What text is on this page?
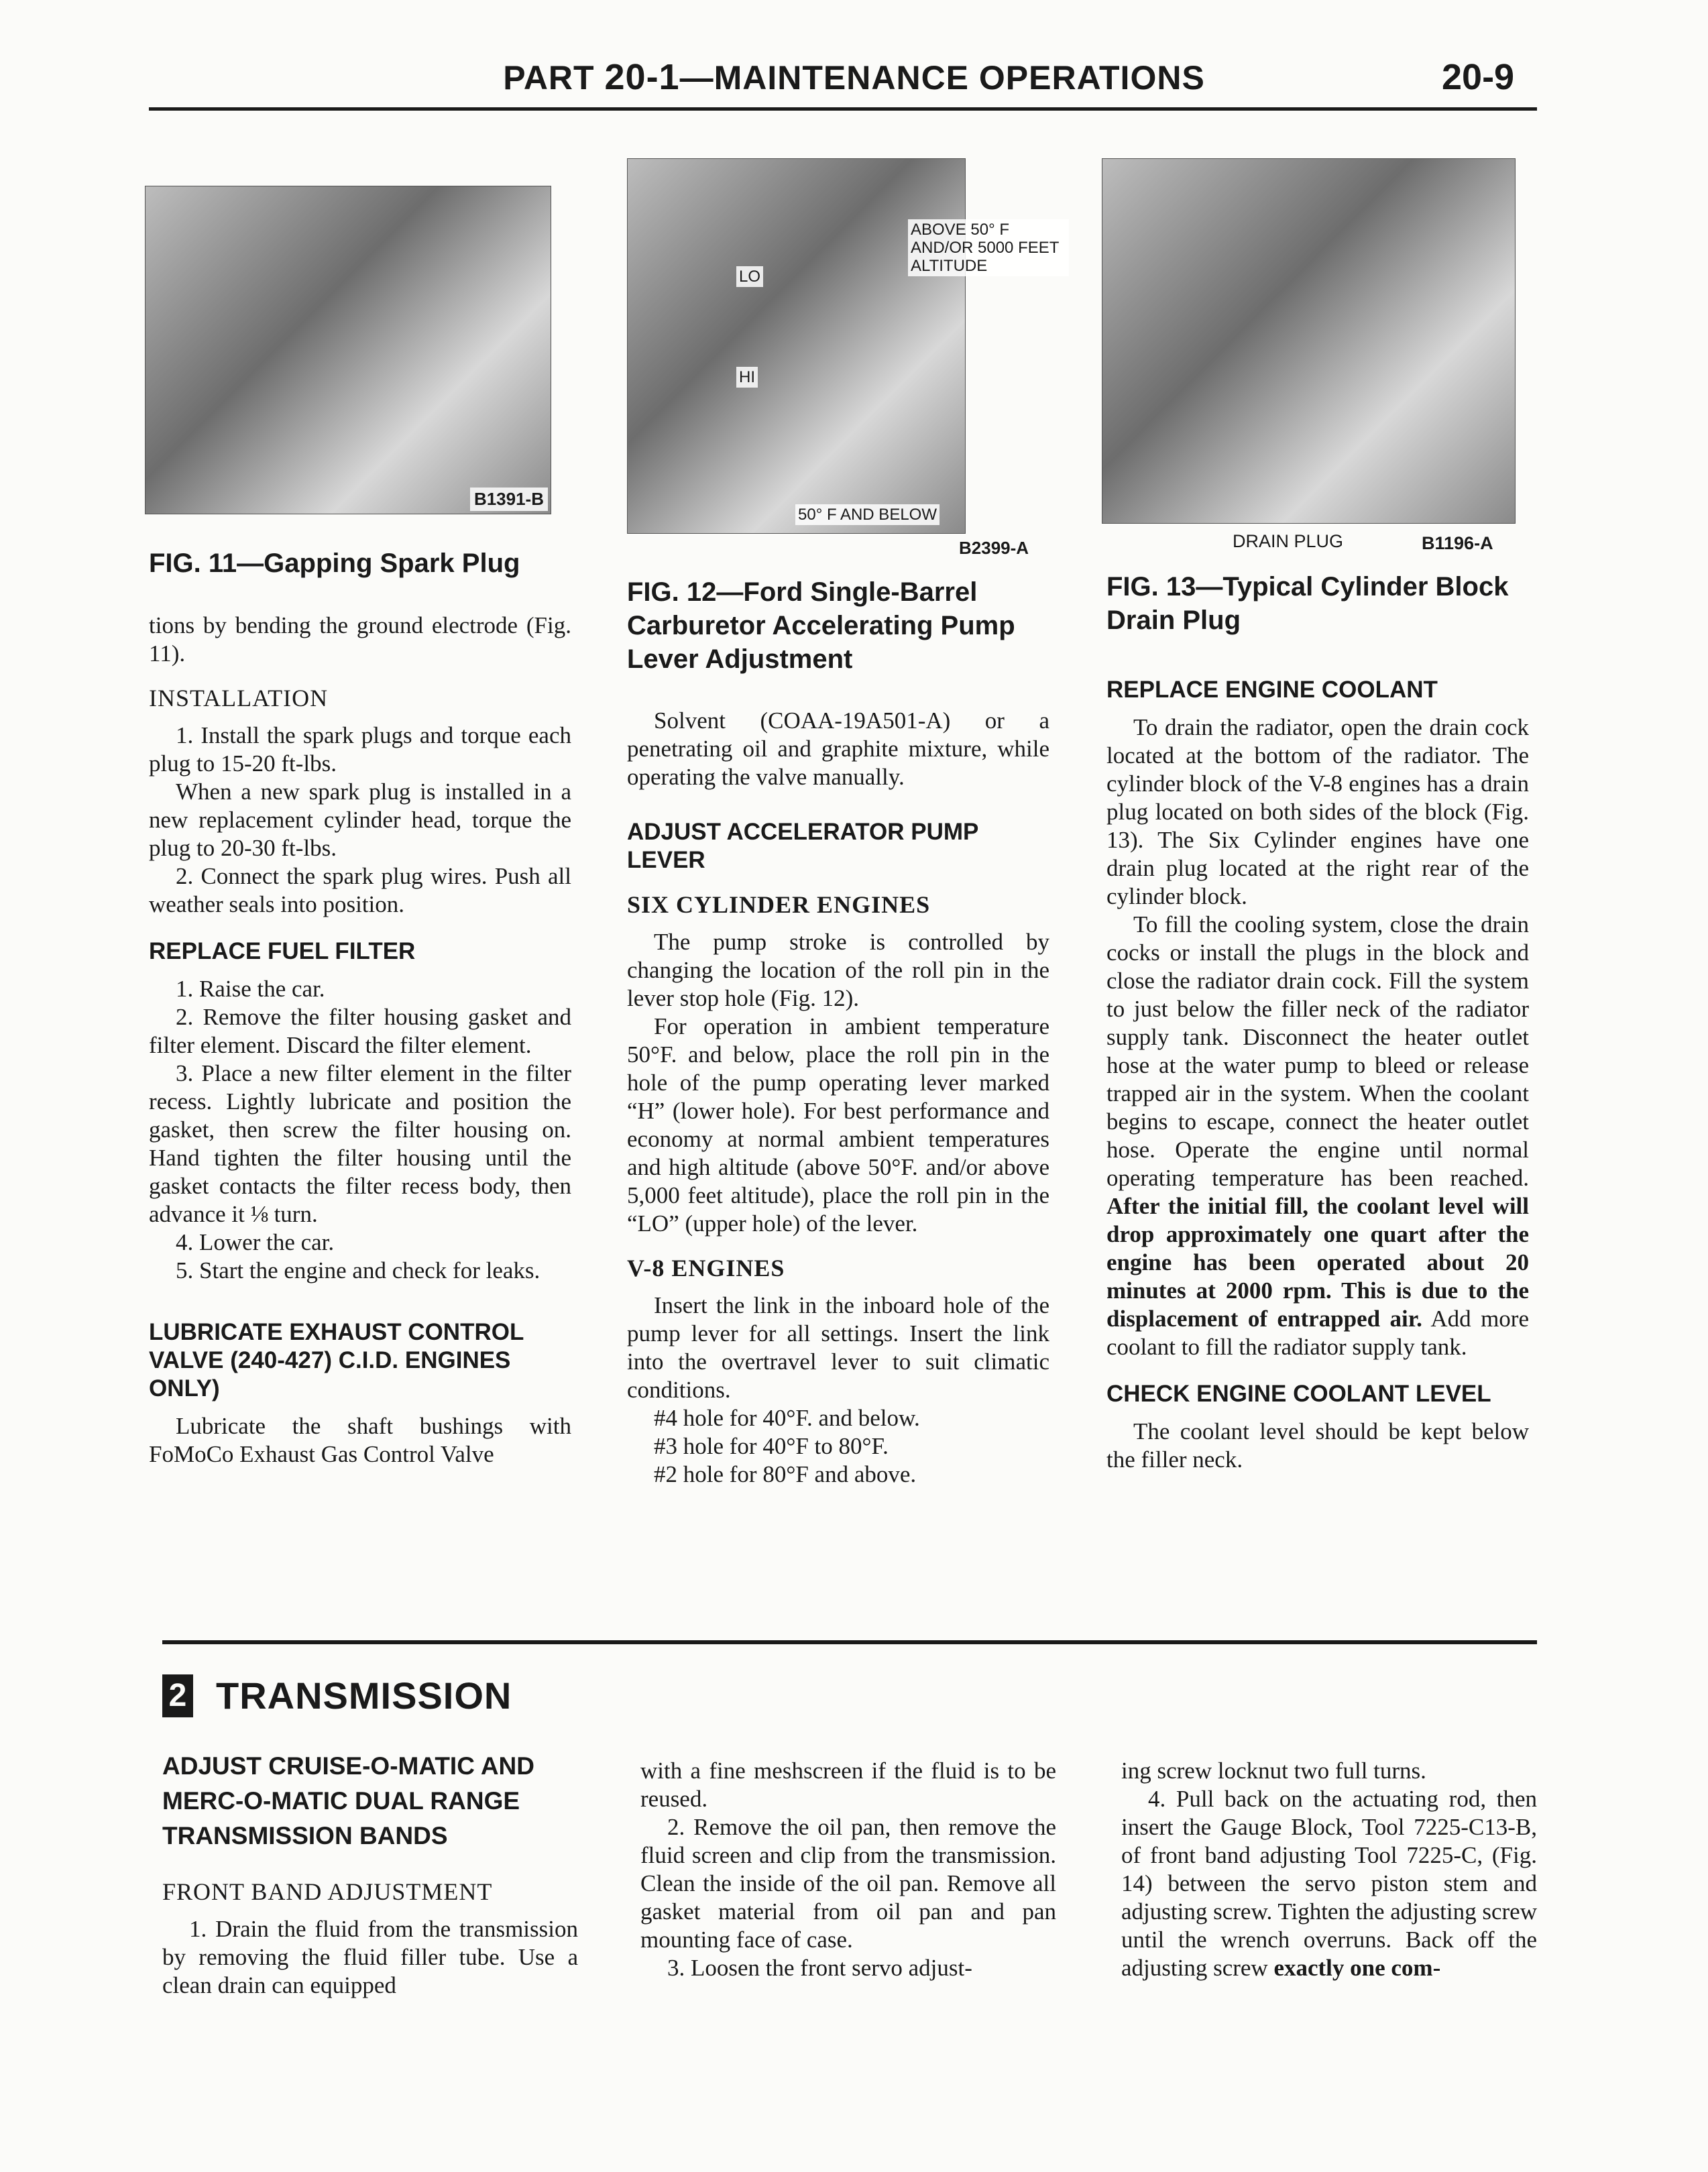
PART 20-1—MAINTENANCE OPERATIONS	20-9
B1391-B
FIG. 11—Gapping Spark Plug
ABOVE 50° F AND/OR 5000 FEET ALTITUDE
50° F AND BELOW
LO
HI
B2399-A
FIG. 12—Ford Single-Barrel Carburetor Accelerating Pump Lever Adjustment
DRAIN PLUG	B1196-A
FIG. 13—Typical Cylinder Block Drain Plug

tions by bending the ground electrode (Fig. 11).

INSTALLATION

1. Install the spark plugs and torque each plug to 15-20 ft-lbs.

When a new spark plug is installed in a new replacement cylinder head, torque the plug to 20-30 ft-lbs.

2. Connect the spark plug wires. Push all weather seals into position.

REPLACE FUEL FILTER

1. Raise the car.

2. Remove the filter housing gasket and filter element. Discard the filter element.

3. Place a new filter element in the filter recess. Lightly lubricate and position the gasket, then screw the filter housing on. Hand tighten the filter housing until the gasket contacts the filter recess body, then advance it ⅛ turn.

4. Lower the car.

5. Start the engine and check for leaks.

LUBRICATE EXHAUST CONTROL VALVE (240-427) C.I.D. ENGINES ONLY)

Lubricate the shaft bushings with FoMoCo Exhaust Gas Control Valve

Solvent (COAA-19A501-A) or a penetrating oil and graphite mixture, while operating the valve manually.

ADJUST ACCELERATOR PUMP LEVER
SIX CYLINDER ENGINES

The pump stroke is controlled by changing the location of the roll pin in the lever stop hole (Fig. 12).

For operation in ambient temperature 50°F. and below, place the roll pin in the hole of the pump operating lever marked “H” (lower hole). For best performance and economy at normal ambient temperatures and high altitude (above 50°F. and/or above 5,000 feet altitude), place the roll pin in the “LO” (upper hole) of the lever.

V-8 ENGINES

Insert the link in the inboard hole of the pump lever for all settings. Insert the link into the overtravel lever to suit climatic conditions.

#4 hole for 40°F. and below.

#3 hole for 40°F to 80°F.

#2 hole for 80°F and above.

REPLACE ENGINE COOLANT

To drain the radiator, open the drain cock located at the bottom of the radiator. The cylinder block of the V-8 engines has a drain plug located on both sides of the block (Fig. 13). The Six Cylinder engines have one drain plug located at the right rear of the cylinder block.

To fill the cooling system, close the drain cocks or install the plugs in the block and close the radiator drain cock. Fill the system to just below the filler neck of the radiator supply tank. Disconnect the heater outlet hose at the water pump to bleed or release trapped air in the system. When the coolant begins to escape, connect the heater outlet hose. Operate the engine until normal operating temperature has been reached. After the initial fill, the coolant level will drop approximately one quart after the engine has been operated about 20 minutes at 2000 rpm. This is due to the displacement of entrapped air. Add more coolant to fill the radiator supply tank.

CHECK ENGINE COOLANT LEVEL

The coolant level should be kept below the filler neck.

2 TRANSMISSION
ADJUST CRUISE-O-MATIC AND MERC-O-MATIC DUAL RANGE TRANSMISSION BANDS
FRONT BAND ADJUSTMENT

1. Drain the fluid from the transmission by removing the fluid filler tube. Use a clean drain can equipped

with a fine meshscreen if the fluid is to be reused.

2. Remove the oil pan, then remove the fluid screen and clip from the transmission. Clean the inside of the oil pan. Remove all gasket material from oil pan and pan mounting face of case.

3. Loosen the front servo adjust-

ing screw locknut two full turns.

4. Pull back on the actuating rod, then insert the Gauge Block, Tool 7225-C13-B, of front band adjusting Tool 7225-C, (Fig. 14) between the servo piston stem and adjusting screw. Tighten the adjusting screw until the wrench overruns. Back off the adjusting screw exactly one com-
